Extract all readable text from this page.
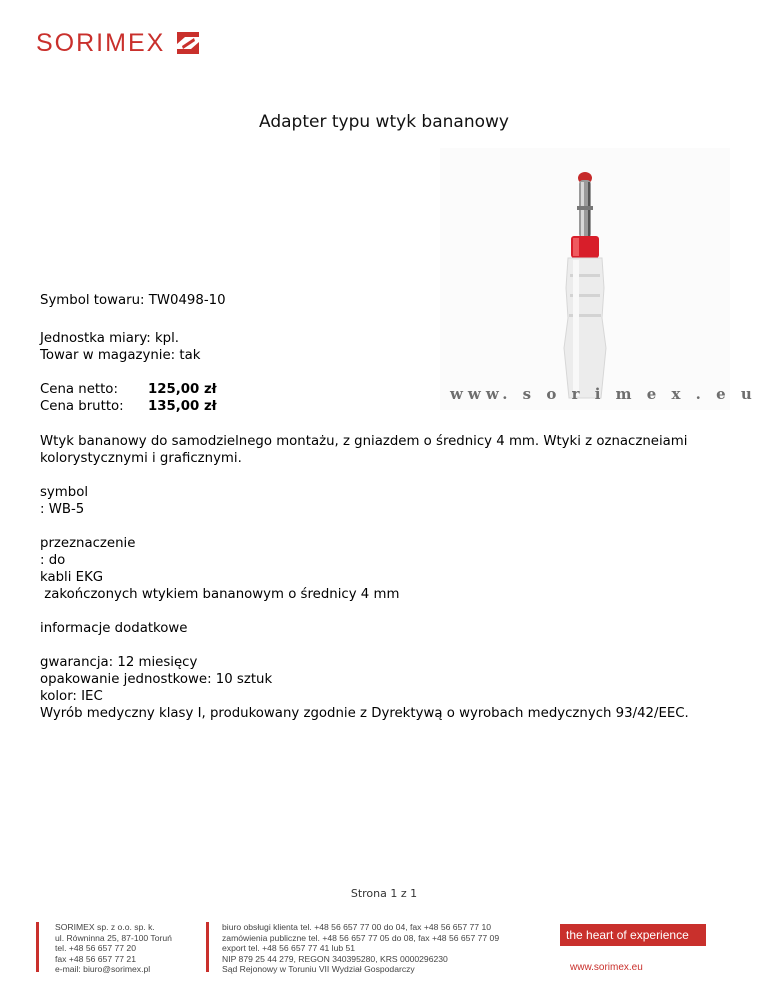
SORIMEX
Adapter typu wtyk bananowy
www. s o r i m e x . e u
Symbol towaru: TW0498-10
Jednostka miary: kpl.
Towar w magazynie: tak
Cena netto:	125,00 zł
Cena brutto:	135,00 zł
Wtyk bananowy do samodzielnego montażu, z gniazdem o średnicy 4 mm. Wtyki z oznaczneiami
kolorystycznymi i graficznymi.
symbol
: WB-5
przeznaczenie
: do
kabli EKG
zakończonych wtykiem bananowym o średnicy 4 mm
informacje dodatkowe
gwarancja: 12 miesięcy
opakowanie jednostkowe: 10 sztuk
kolor: IEC
Wyrób medyczny klasy I, produkowany zgodnie z Dyrektywą o wyrobach medycznych 93/42/EEC.
Strona 1 z 1
SORIMEX sp. z o.o. sp. k.
ul. Równinna 25, 87-100 Toruń
tel. +48 56 657 77 20
fax +48 56 657 77 21
e-mail: biuro@sorimex.pl
biuro obsługi klienta tel. +48 56 657 77 00 do 04, fax +48 56 657 77 10
zamówienia publiczne tel. +48 56 657 77 05 do 08, fax +48 56 657 77 09
export tel. +48 56 657 77 41 lub 51
NIP 879 25 44 279, REGON 340395280, KRS 0000296230
Sąd Rejonowy w Toruniu VII Wydział Gospodarczy
the heart of experience
www.sorimex.eu
